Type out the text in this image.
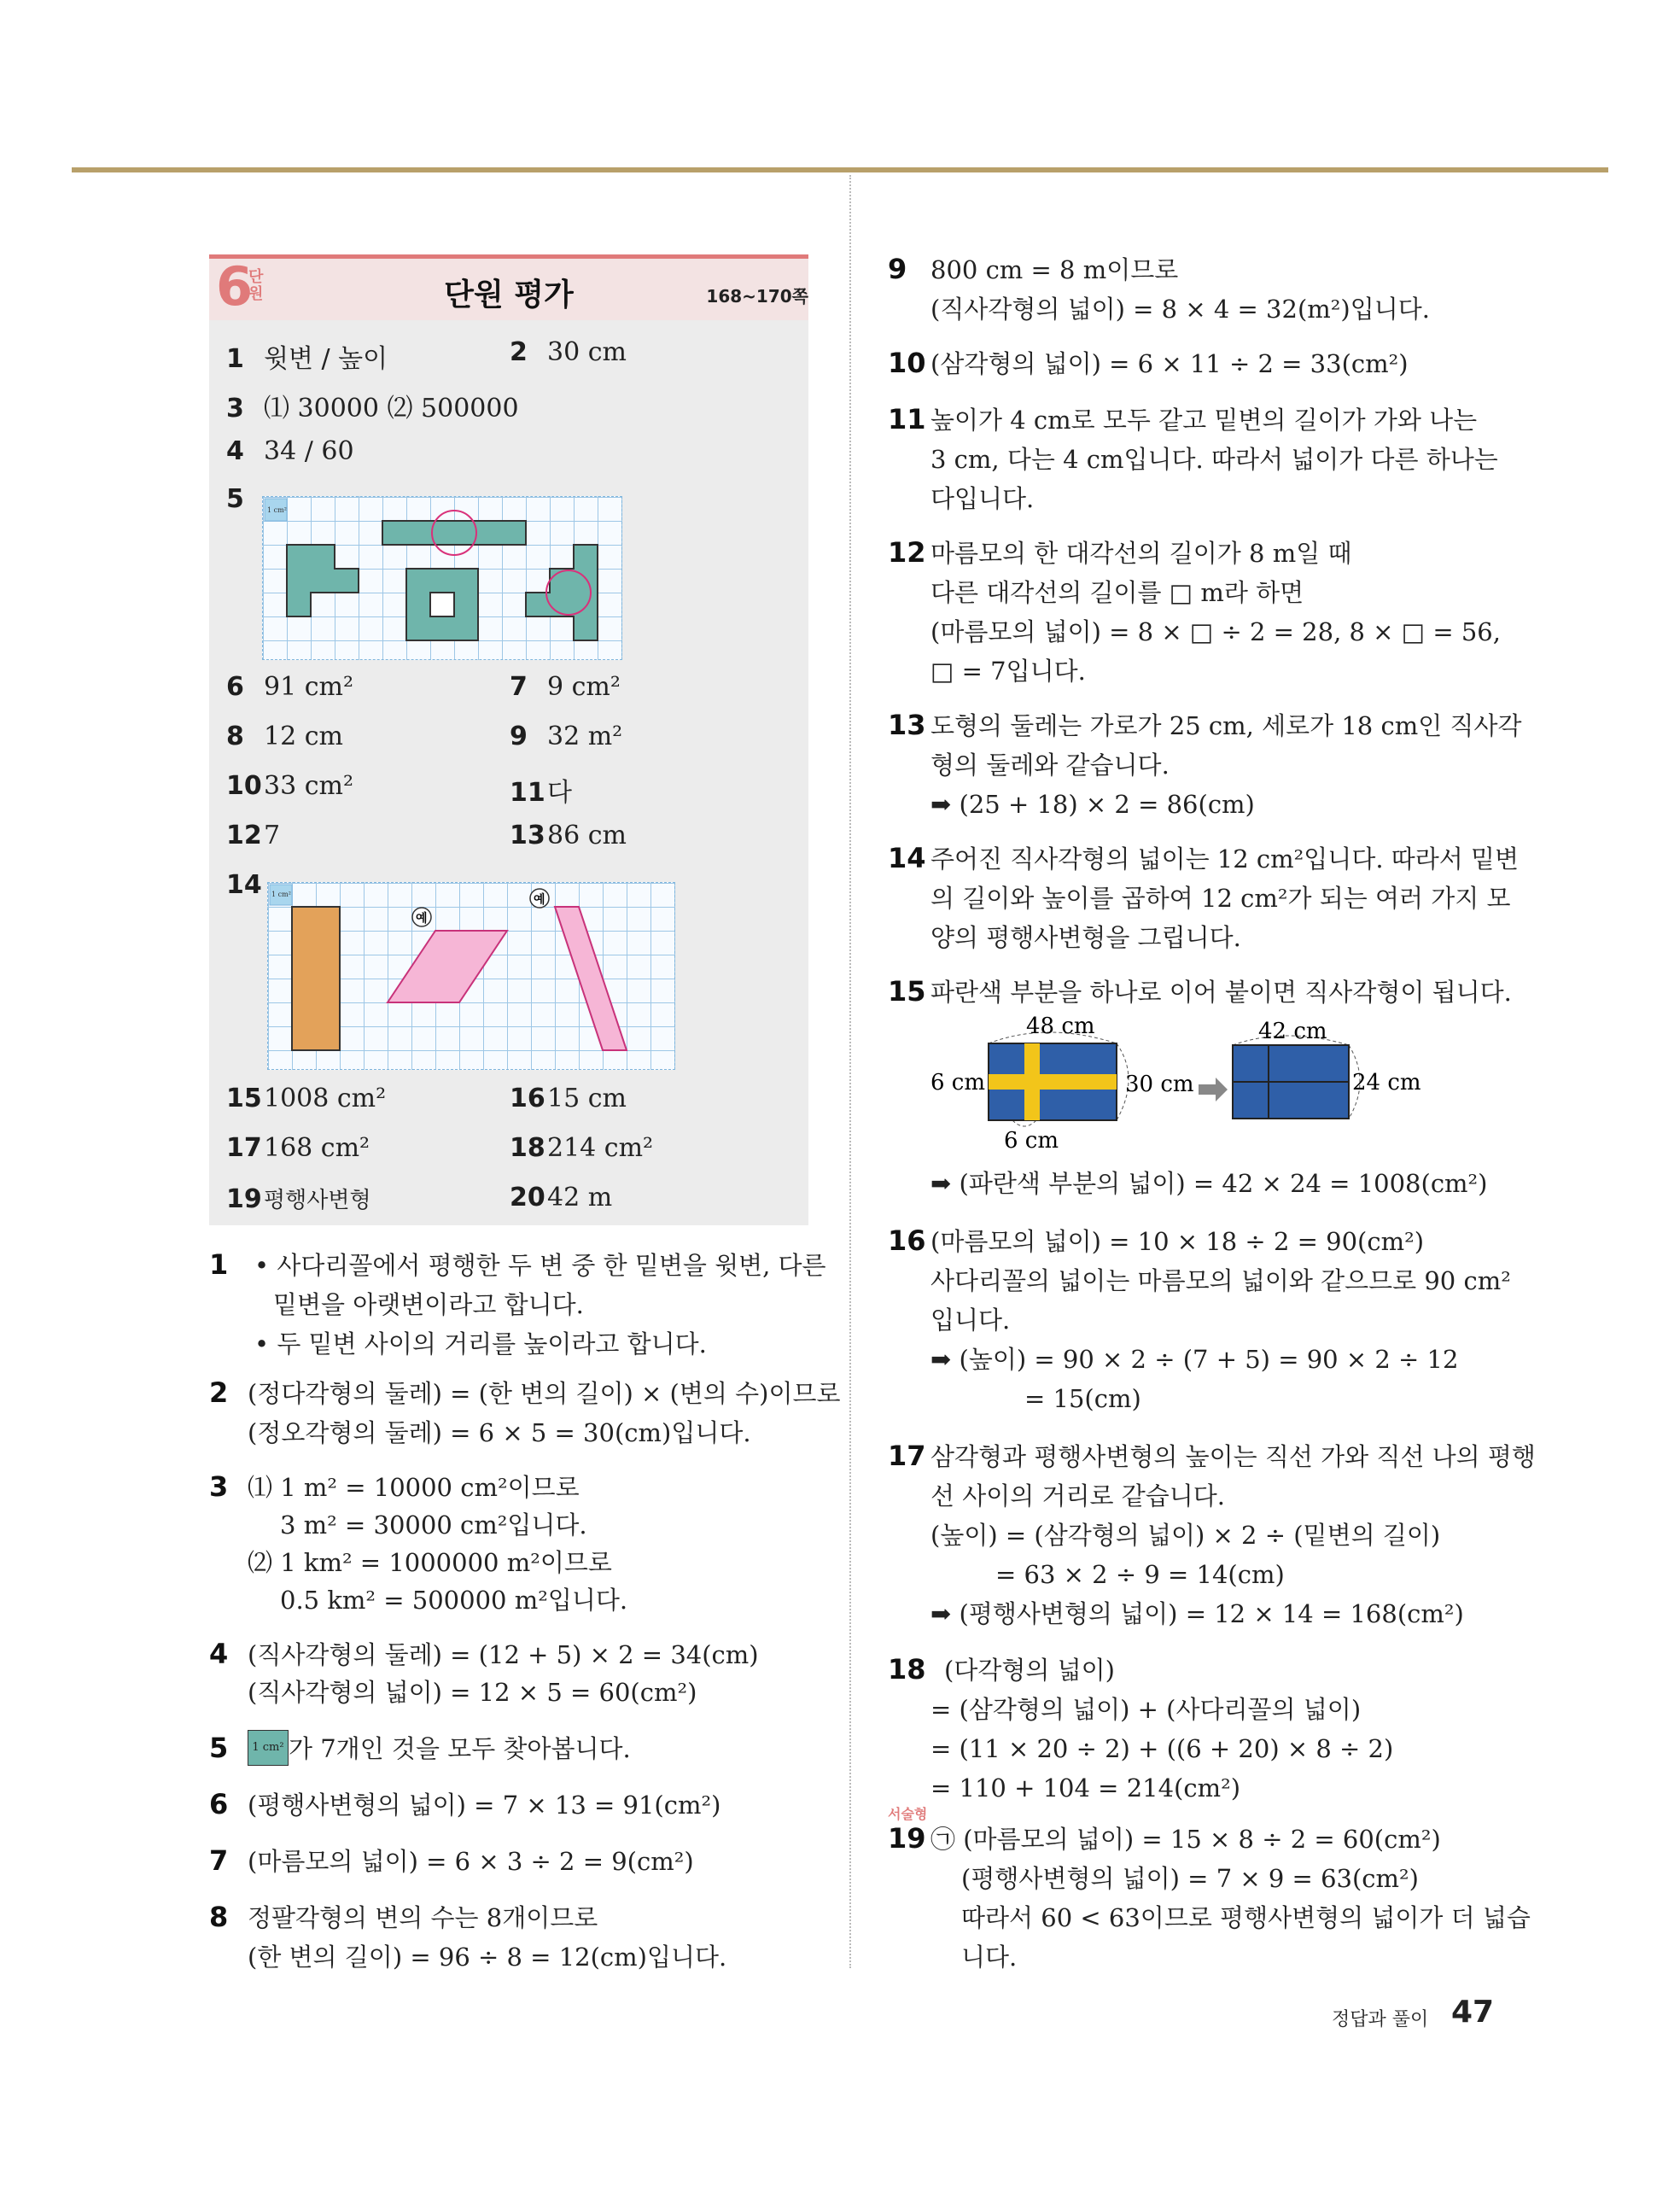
6
단원	단원 평가	168~170쪽
1 윗변 / 높이	2 30 cm
3 ⑴ 30000 ⑵ 500000
4 34 / 60
5	1 cm²
6 91 cm²	7 9 cm²
8 12 cm	9 32 m²
1033 cm²	11다
127	1386 cm
14 1 cm²
예
예
151008 cm²	1615 cm
17168 cm²	18214 cm²
19평행사변형	2042 m
1 • 사다리꼴에서 평행한 두 변 중 한 밑변을 윗변, 다른
밑변을 아랫변이라고 합니다.
• 두 밑변 사이의 거리를 높이라고 합니다.
2 (정다각형의 둘레) = (한 변의 길이) × (변의 수)이므로
(정오각형의 둘레) = 6 × 5 = 30(cm)입니다.
3 ⑴ 1 m² = 10000 cm²이므로
3 m² = 30000 cm²입니다.
⑵ 1 km² = 1000000 m²이므로
0.5 km² = 500000 m²입니다.
4 (직사각형의 둘레) = (12 + 5) × 2 = 34(cm)
(직사각형의 넓이) = 12 × 5 = 60(cm²)
5	1 cm² 가 7개인 것을 모두 찾아봅니다.
6 (평행사변형의 넓이) = 7 × 13 = 91(cm²)
7 (마름모의 넓이) = 6 × 3 ÷ 2 = 9(cm²)
8 정팔각형의 변의 수는 8개이므로
(한 변의 길이) = 96 ÷ 8 = 12(cm)입니다.
9 800 cm = 8 m이므로
(직사각형의 넓이) = 8 × 4 = 32(m²)입니다.
10 (삼각형의 넓이) = 6 × 11 ÷ 2 = 33(cm²)
11 높이가 4 cm로 모두 같고 밑변의 길이가 가와 나는
3 cm, 다는 4 cm입니다. 따라서 넓이가 다른 하나는
다입니다.
12 마름모의 한 대각선의 길이가 8 m일 때
다른 대각선의 길이를 □ m라 하면
(마름모의 넓이) = 8 × □ ÷ 2 = 28, 8 × □ = 56,
□ = 7입니다.
13 도형의 둘레는 가로가 25 cm, 세로가 18 cm인 직사각
형의 둘레와 같습니다.
➡ (25 + 18) × 2 = 86(cm)
14 주어진 직사각형의 넓이는 12 cm²입니다. 따라서 밑변
의 길이와 높이를 곱하여 12 cm²가 되는 여러 가지 모
양의 평행사변형을 그립니다.
15 파란색 부분을 하나로 이어 붙이면 직사각형이 됩니다.
48 cm
6 cm	30 cm
6 cm
42 cm
24 cm
➡ (파란색 부분의 넓이) = 42 × 24 = 1008(cm²)
16 (마름모의 넓이) = 10 × 18 ÷ 2 = 90(cm²)
사다리꼴의 넓이는 마름모의 넓이와 같으므로 90 cm²
입니다.
➡ (높이) = 90 × 2 ÷ (7 + 5) = 90 × 2 ÷ 12
= 15(cm)
17 삼각형과 평행사변형의 높이는 직선 가와 직선 나의 평행
선 사이의 거리로 같습니다.
(높이) = (삼각형의 넓이) × 2 ÷ (밑변의 길이)
= 63 × 2 ÷ 9 = 14(cm)
➡ (평행사변형의 넓이) = 12 × 14 = 168(cm²)
18 (다각형의 넓이)
= (삼각형의 넓이) + (사다리꼴의 넓이)
= (11 × 20 ÷ 2) + ((6 + 20) × 8 ÷ 2)
= 110 + 104 = 214(cm²)
서술형
19 ㉠ (마름모의 넓이) = 15 × 8 ÷ 2 = 60(cm²)
(평행사변형의 넓이) = 7 × 9 = 63(cm²)
따라서 60 < 63이므로 평행사변형의 넓이가 더 넓습
니다.
정답과 풀이 47
